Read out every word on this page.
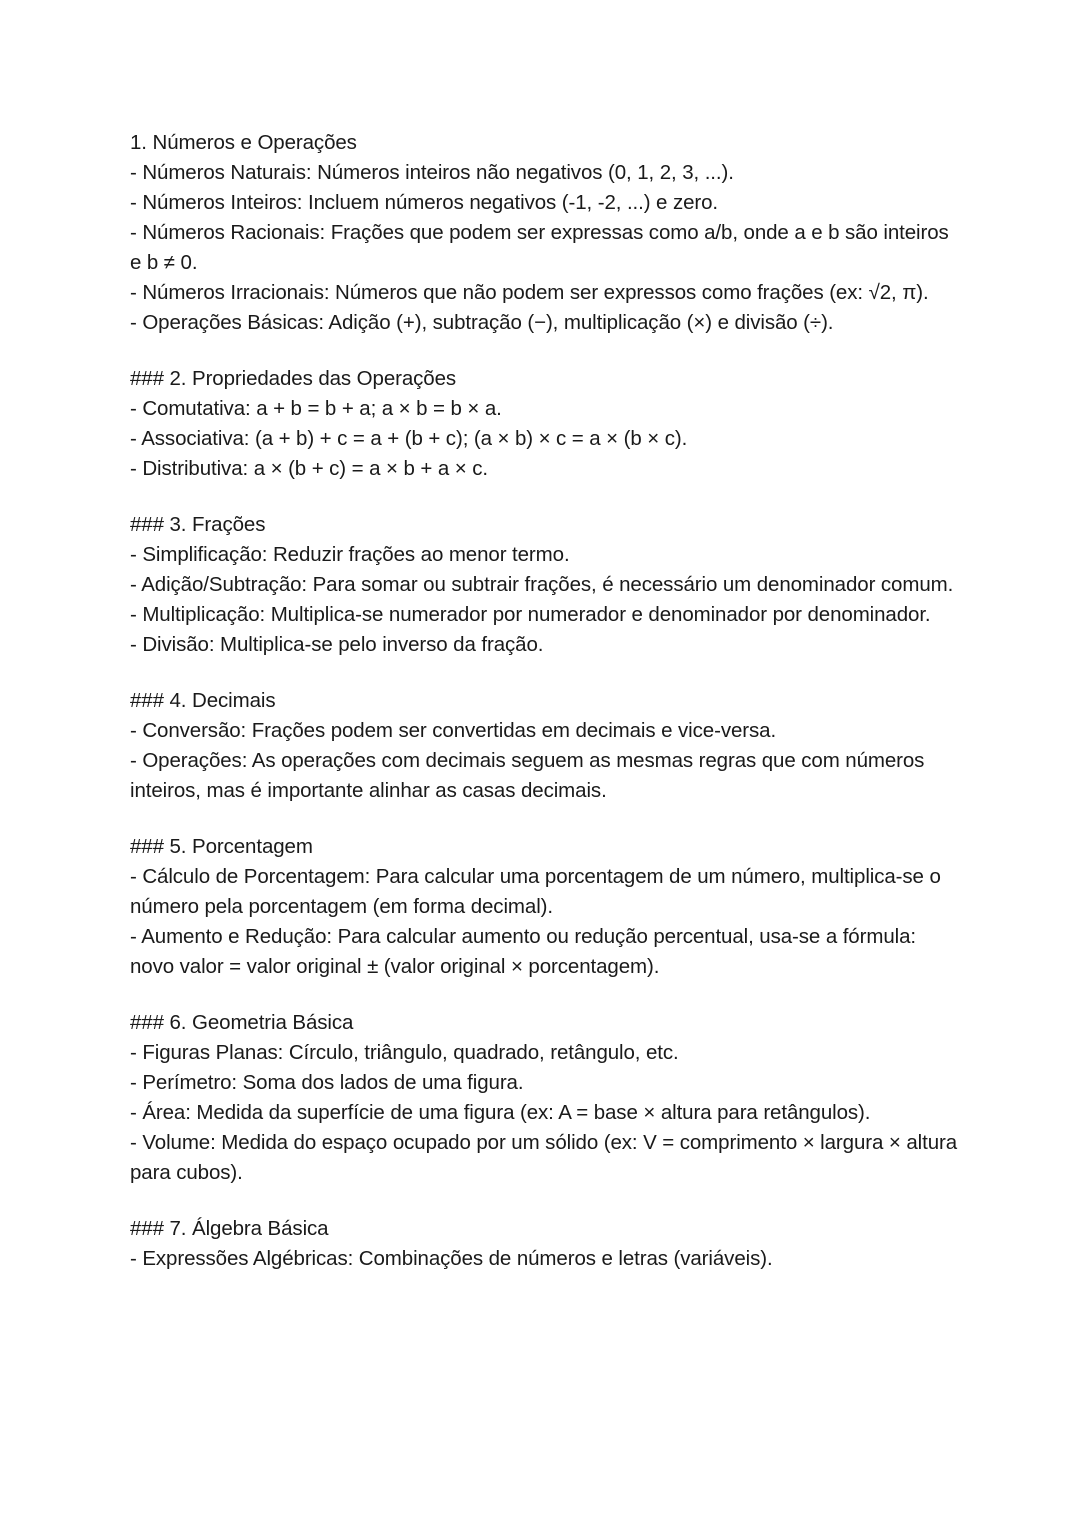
1. Números e Operações

- Números Naturais: Números inteiros não negativos (0, 1, 2, 3, ...).

- Números Inteiros: Incluem números negativos (-1, -2, ...) e zero.

- Números Racionais: Frações que podem ser expressas como a/b, onde a e b são inteiros e b ≠ 0.

- Números Irracionais: Números que não podem ser expressos como frações (ex: √2, π).

- Operações Básicas: Adição (+), subtração (−), multiplicação (×) e divisão (÷).

### 2. Propriedades das Operações

- Comutativa: a + b = b + a; a × b = b × a.

- Associativa: (a + b) + c = a + (b + c); (a × b) × c = a × (b × c).

- Distributiva: a × (b + c) = a × b + a × c.

### 3. Frações

- Simplificação: Reduzir frações ao menor termo.

- Adição/Subtração: Para somar ou subtrair frações, é necessário um denominador comum.

- Multiplicação: Multiplica-se numerador por numerador e denominador por denominador.

- Divisão: Multiplica-se pelo inverso da fração.

### 4. Decimais

- Conversão: Frações podem ser convertidas em decimais e vice-versa.

- Operações: As operações com decimais seguem as mesmas regras que com números inteiros, mas é importante alinhar as casas decimais.

### 5. Porcentagem

- Cálculo de Porcentagem: Para calcular uma porcentagem de um número, multiplica-se o número pela porcentagem (em forma decimal).

- Aumento e Redução: Para calcular aumento ou redução percentual, usa-se a fórmula: novo valor = valor original ± (valor original × porcentagem).

### 6. Geometria Básica

- Figuras Planas: Círculo, triângulo, quadrado, retângulo, etc.

- Perímetro: Soma dos lados de uma figura.

- Área: Medida da superfície de uma figura (ex: A = base × altura para retângulos).

- Volume: Medida do espaço ocupado por um sólido (ex: V = comprimento × largura × altura para cubos).

### 7. Álgebra Básica

- Expressões Algébricas: Combinações de números e letras (variáveis).
